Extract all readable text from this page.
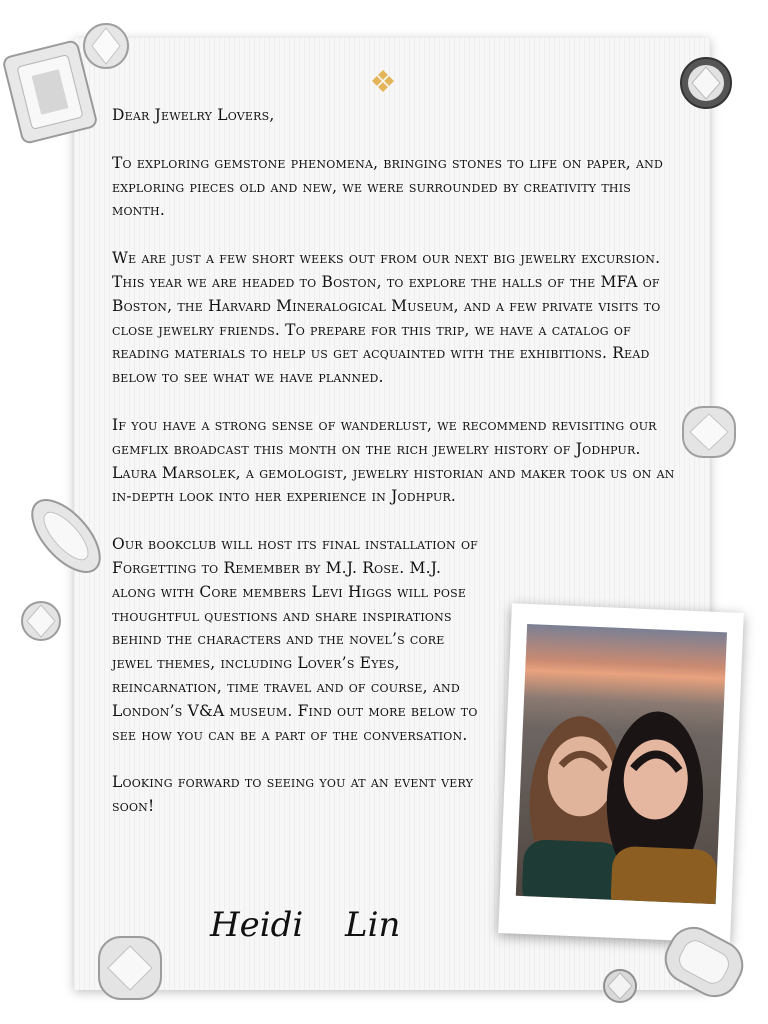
Dear Jewelry Lovers,

To exploring gemstone phenomena, bringing stones to life on paper, and exploring pieces old and new, we were surrounded by creativity this month.

We are just a few short weeks out from our next big jewelry excursion. This year we are headed to Boston, to explore the halls of the MFA of Boston, the Harvard Mineralogical Museum, and a few private visits to close jewelry friends. To prepare for this trip, we have a catalog of reading materials to help us get acquainted with the exhibitions. Read below to see what we have planned.

If you have a strong sense of wanderlust, we recommend revisiting our gemflix broadcast this month on the rich jewelry history of Jodhpur. Laura Marsolek, a gemologist, jewelry historian and maker took us on an in-depth look into her experience in Jodhpur.

Our bookclub will host its final installation of Forgetting to Remember by M.J. Rose. M.J. along with Core members Levi Higgs will pose thoughtful questions and share inspirations behind the characters and the novel’s core jewel themes, including Lover’s Eyes, reincarnation, time travel and of course, and London’s V&A museum. Find out more below to see how you can be a part of the conversation.

Looking forward to seeing you at an event very soon!

Heidi Lin
